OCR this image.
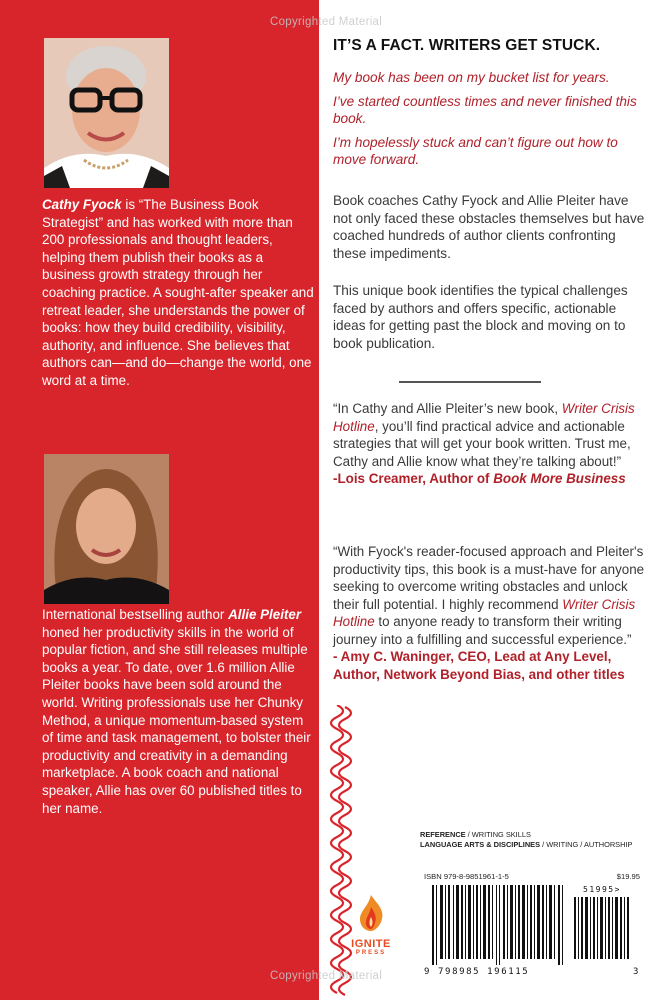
Cathy Fyock is “The Business Book Strategist” and has worked with more than 200 professionals and thought leaders, helping them publish their books as a business growth strategy through her coaching practice. A sought-after speaker and retreat leader, she understands the power of books: how they build credibility, visibility, authority, and influence. She believes that authors can—and do—change the world, one word at a time.

International bestselling author Allie Pleiter honed her productivity skills in the world of popular fiction, and she still releases multiple books a year. To date, over 1.6 million Allie Pleiter books have been sold around the world. Writing professionals use her Chunky Method, a unique momentum-based system of time and task management, to bolster their productivity and creativity in a demanding marketplace. A book coach and national speaker, Allie has over 60 published titles to her name.

IT’S A FACT. WRITERS GET STUCK.

My book has been on my bucket list for years.

I’ve started countless times and never finished this book.

I’m hopelessly stuck and can’t figure out how to move forward.

Book coaches Cathy Fyock and Allie Pleiter have not only faced these obstacles themselves but have coached hundreds of author clients confronting these impediments.

This unique book identifies the typical challenges faced by authors and offers specific, actionable ideas for getting past the block and moving on to book publication.

“In Cathy and Allie Pleiter’s new book, Writer Crisis Hotline, you’ll find practical advice and actionable strategies that will get your book written. Trust me, Cathy and Allie know what they’re talking about!”
-Lois Creamer, Author of Book More Business

“With Fyock's reader-focused approach and Pleiter's productivity tips, this book is a must-have for anyone seeking to overcome writing obstacles and unlock their full potential. I highly recommend Writer Crisis Hotline to anyone ready to transform their writing journey into a fulfilling and successful experience.”
- Amy C. Waninger, CEO, Lead at Any Level, Author, Network Beyond Bias, and other titles

REFERENCE / WRITING SKILLS
LANGUAGE ARTS & DISCIPLINES / WRITING / AUTHORSHIP
ISBN 979-8-9851961-1-5	$19.95
51995>
9 798985 196115	3
IGNITE
PRESS
Copyrighted Material
Copyrighted Material
